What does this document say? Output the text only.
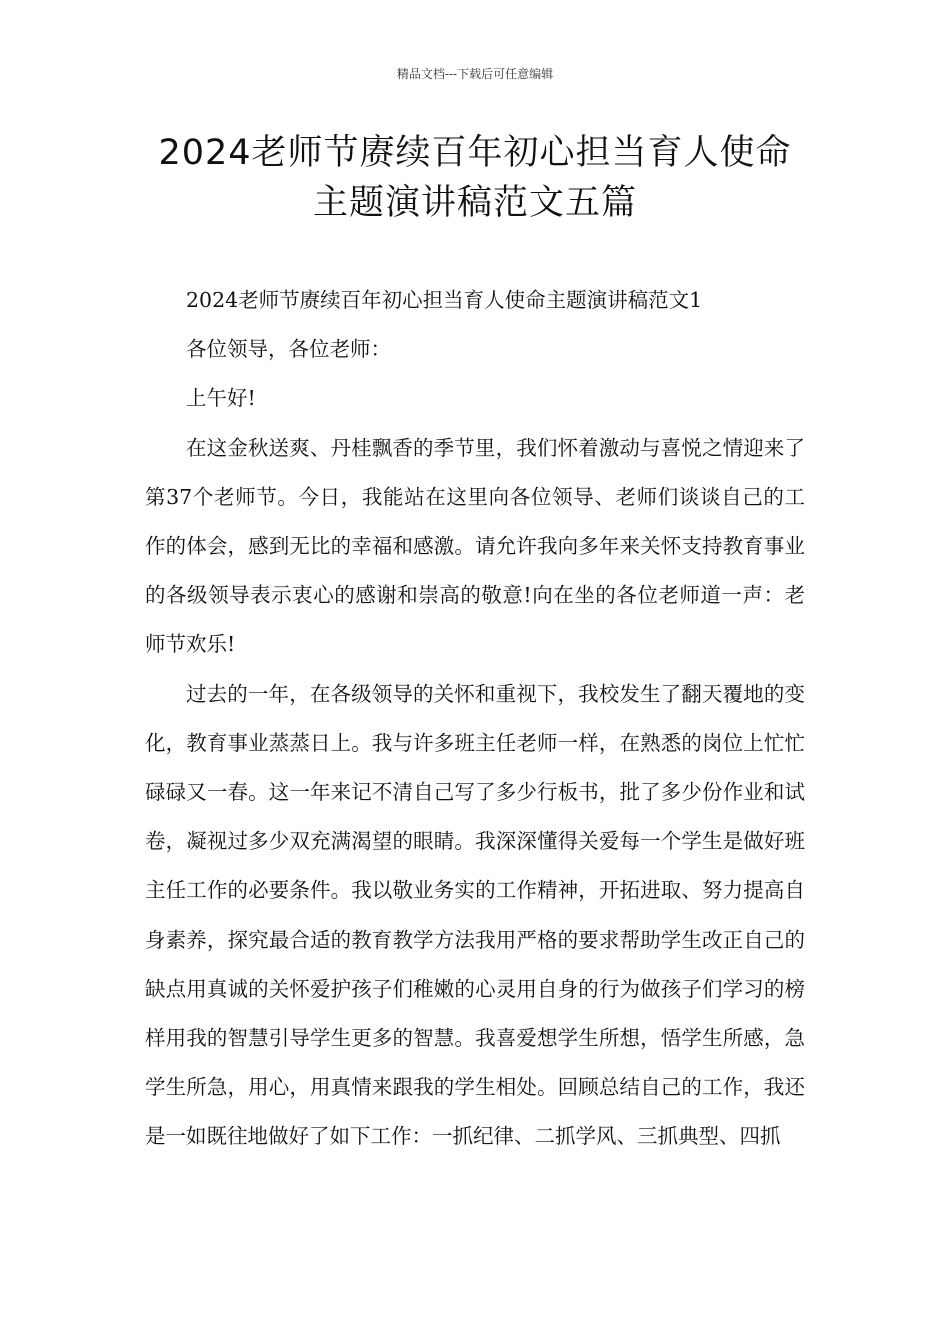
精品文档---下载后可任意编辑
2024老师节赓续百年初心担当育人使命
主题演讲稿范文五篇

2024老师节赓续百年初心担当育人使命主题演讲稿范文1

各位领导，各位老师：

上午好!

在这金秋送爽、丹桂飘香的季节里，我们怀着激动与喜悦之情迎来了第37个老师节。今日，我能站在这里向各位领导、老师们谈谈自己的工作的体会，感到无比的幸福和感激。请允许我向多年来关怀支持教育事业的各级领导表示衷心的感谢和崇高的敬意!向在坐的各位老师道一声：老师节欢乐!

过去的一年，在各级领导的关怀和重视下，我校发生了翻天覆地的变化，教育事业蒸蒸日上。我与许多班主任老师一样，在熟悉的岗位上忙忙碌碌又一春。这一年来记不清自己写了多少行板书，批了多少份作业和试卷，凝视过多少双充满渴望的眼睛。我深深懂得关爱每一个学生是做好班主任工作的必要条件。我以敬业务实的工作精神，开拓进取、努力提高自身素养，探究最合适的教育教学方法我用严格的要求帮助学生改正自己的缺点用真诚的关怀爱护孩子们稚嫩的心灵用自身的行为做孩子们学习的榜样用我的智慧引导学生更多的智慧。我喜爱想学生所想，悟学生所感，急学生所急，用心，用真情来跟我的学生相处。回顾总结自己的工作，我还是一如既往地做好了如下工作：一抓纪律、二抓学风、三抓典型、四抓
